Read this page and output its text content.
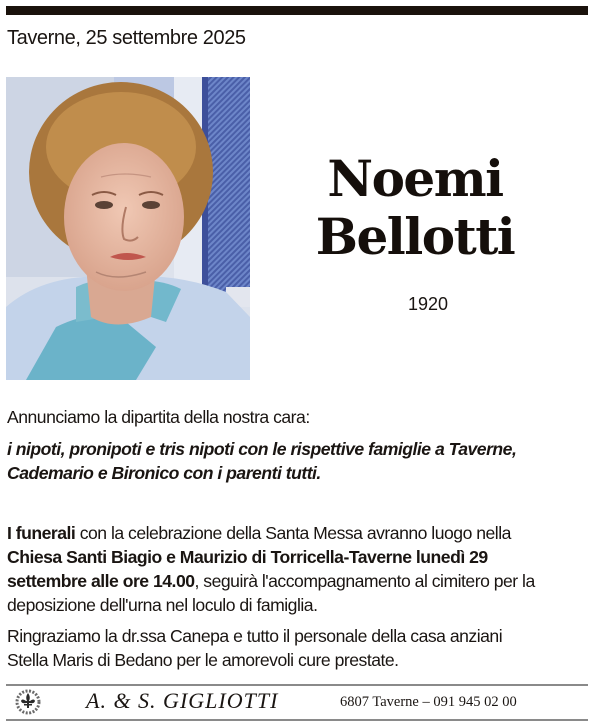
Taverne, 25 settembre 2025
Noemi
Bellotti
1920
Annunciamo la dipartita della nostra cara:
i nipoti, pronipoti e tris nipoti con le rispettive famiglie a Taverne, Cademario e Bironico con i parenti tutti.
I funerali con la celebrazione della Santa Messa avranno luogo nella Chiesa Santi Biagio e Maurizio di Torricella-Taverne lunedì 29 settembre alle ore 14.00, seguirà l'accompagnamento al cimitero per la deposizione dell'urna nel loculo di famiglia.
Ringraziamo la dr.ssa Canepa e tutto il personale della casa anziani Stella Maris di Bedano per le amorevoli cure prestate.
A. & S. GIGLIOTTI	6807 Taverne – 091 945 02 00
